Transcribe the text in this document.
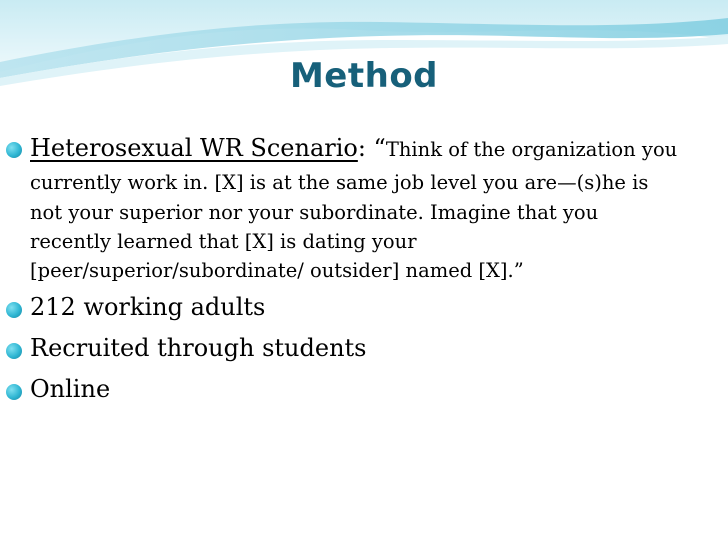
Method
Heterosexual WR Scenario: “Think of the organization you
currently work in. [X] is at the same job level you are—(s)he is
not your superior nor your subordinate. Imagine that you
recently learned that [X] is dating your
[peer/superior/subordinate/ outsider] named [X].”
212 working adults
Recruited through students
Online
